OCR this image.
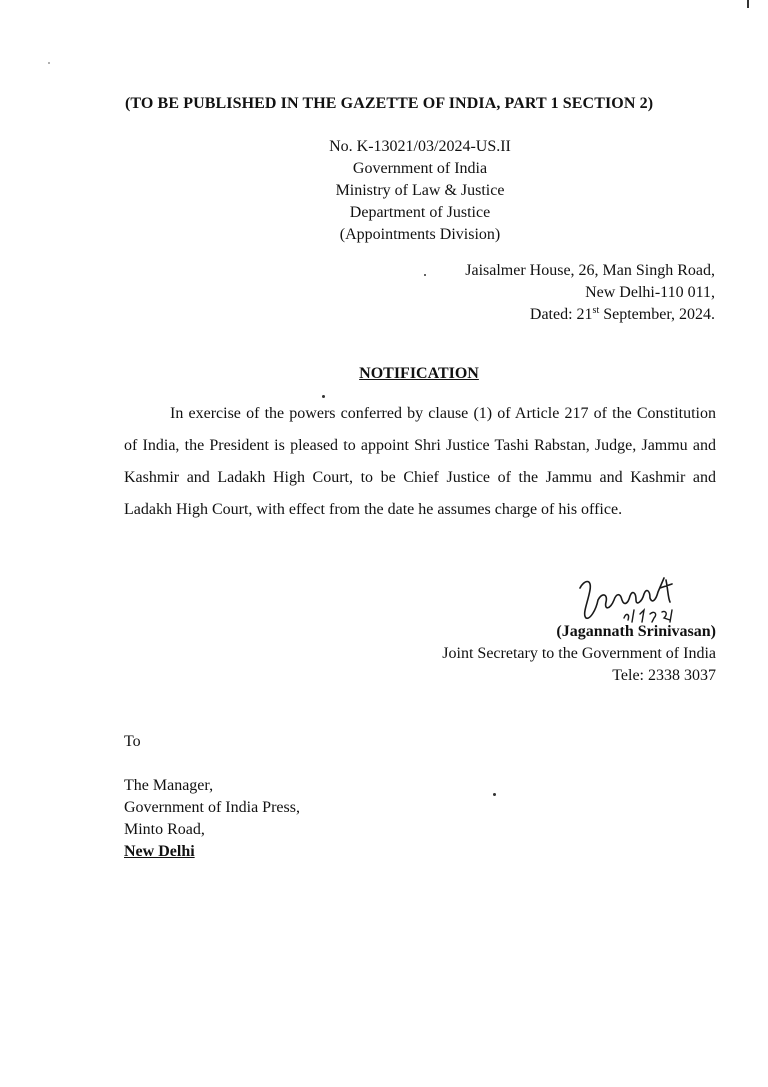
(TO BE PUBLISHED IN THE GAZETTE OF INDIA, PART 1 SECTION 2)
No. K-13021/03/2024-US.II
Government of India
Ministry of Law & Justice
Department of Justice
(Appointments Division)
Jaisalmer House, 26, Man Singh Road,
New Delhi-110 011,
Dated: 21st September, 2024.
NOTIFICATION
In exercise of the powers conferred by clause (1) of Article 217 of the Constitution of India, the President is pleased to appoint Shri Justice Tashi Rabstan, Judge, Jammu and Kashmir and Ladakh High Court, to be Chief Justice of the Jammu and Kashmir and Ladakh High Court, with effect from the date he assumes charge of his office.
(Jagannath Srinivasan)
Joint Secretary to the Government of India
Tele: 2338 3037
To
The Manager,
Government of India Press,
Minto Road,
New Delhi
